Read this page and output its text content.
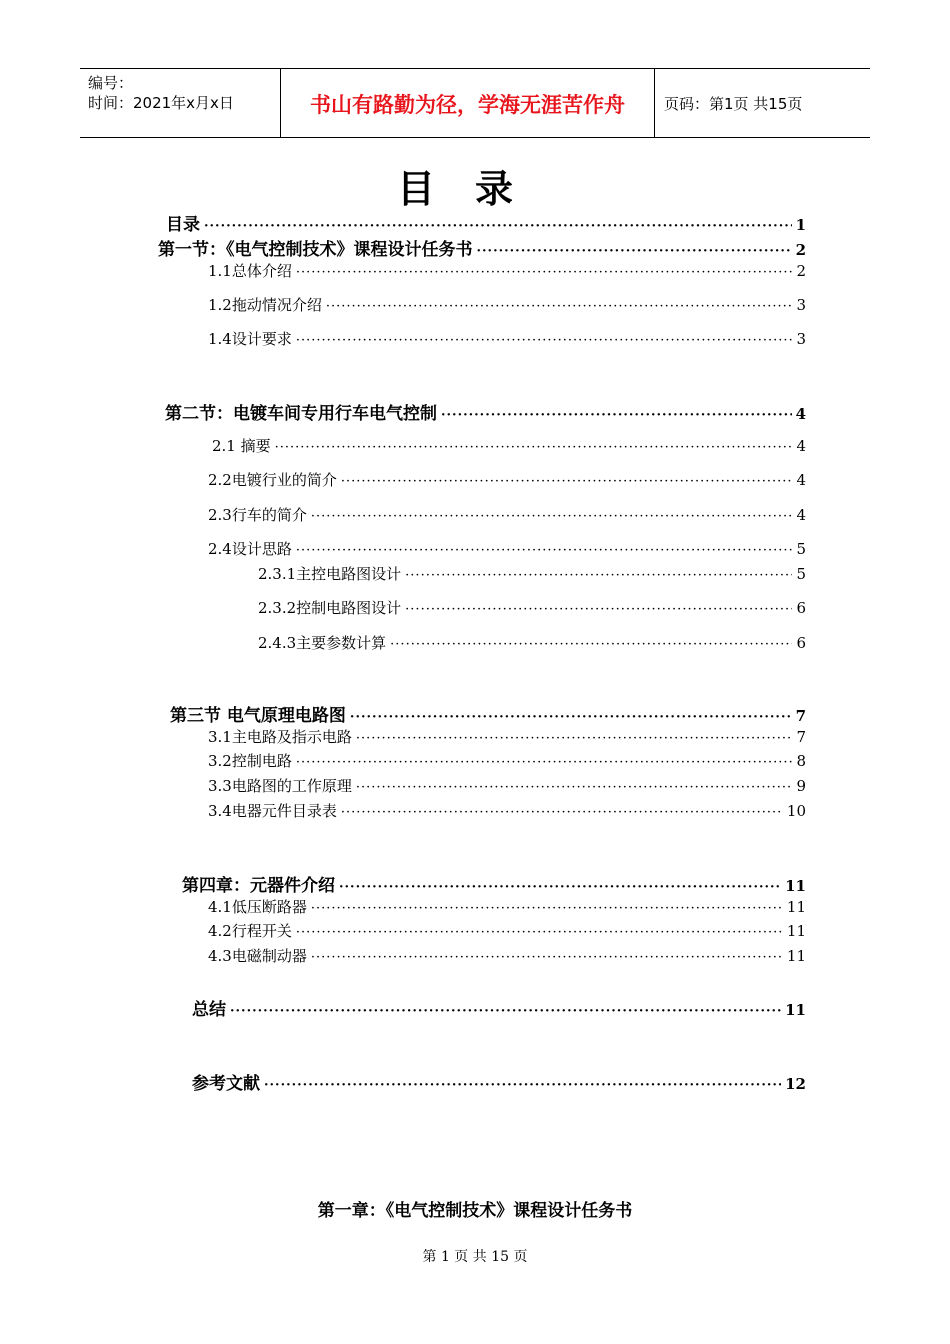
编号：
时间：2021年x月x日	书山有路勤为径，学海无涯苦作舟	页码：第1页 共15页
目录
目录 ·····	1
第一节：《电气控制技术》课程设计任务书 ·····	2
1.1总体介绍 ·····	2
1.2拖动情况介绍 ·····	3
1.4设计要求 ·····	3
第二节：电镀车间专用行车电气控制 ·····	4
2.1 摘要 ·····	4
2.2电镀行业的简介 ·····	4
2.3行车的简介 ·····	4
2.4设计思路 ·····	5
2.3.1主控电路图设计 ·····	5
2.3.2控制电路图设计 ·····	6
2.4.3主要参数计算 ·····	6
第三节 电气原理电路图 ·····	7
3.1主电路及指示电路 ·····	7
3.2控制电路 ·····	8
3.3电路图的工作原理 ·····	9
3.4电器元件目录表 ·····	10
第四章：元器件介绍 ·····	11
4.1低压断路器 ·····	11
4.2行程开关 ·····	11
4.3电磁制动器 ·····	11
总结 ·····	11
参考文献 ·····	12
第一章：《电气控制技术》课程设计任务书
第 1 页 共 15 页
